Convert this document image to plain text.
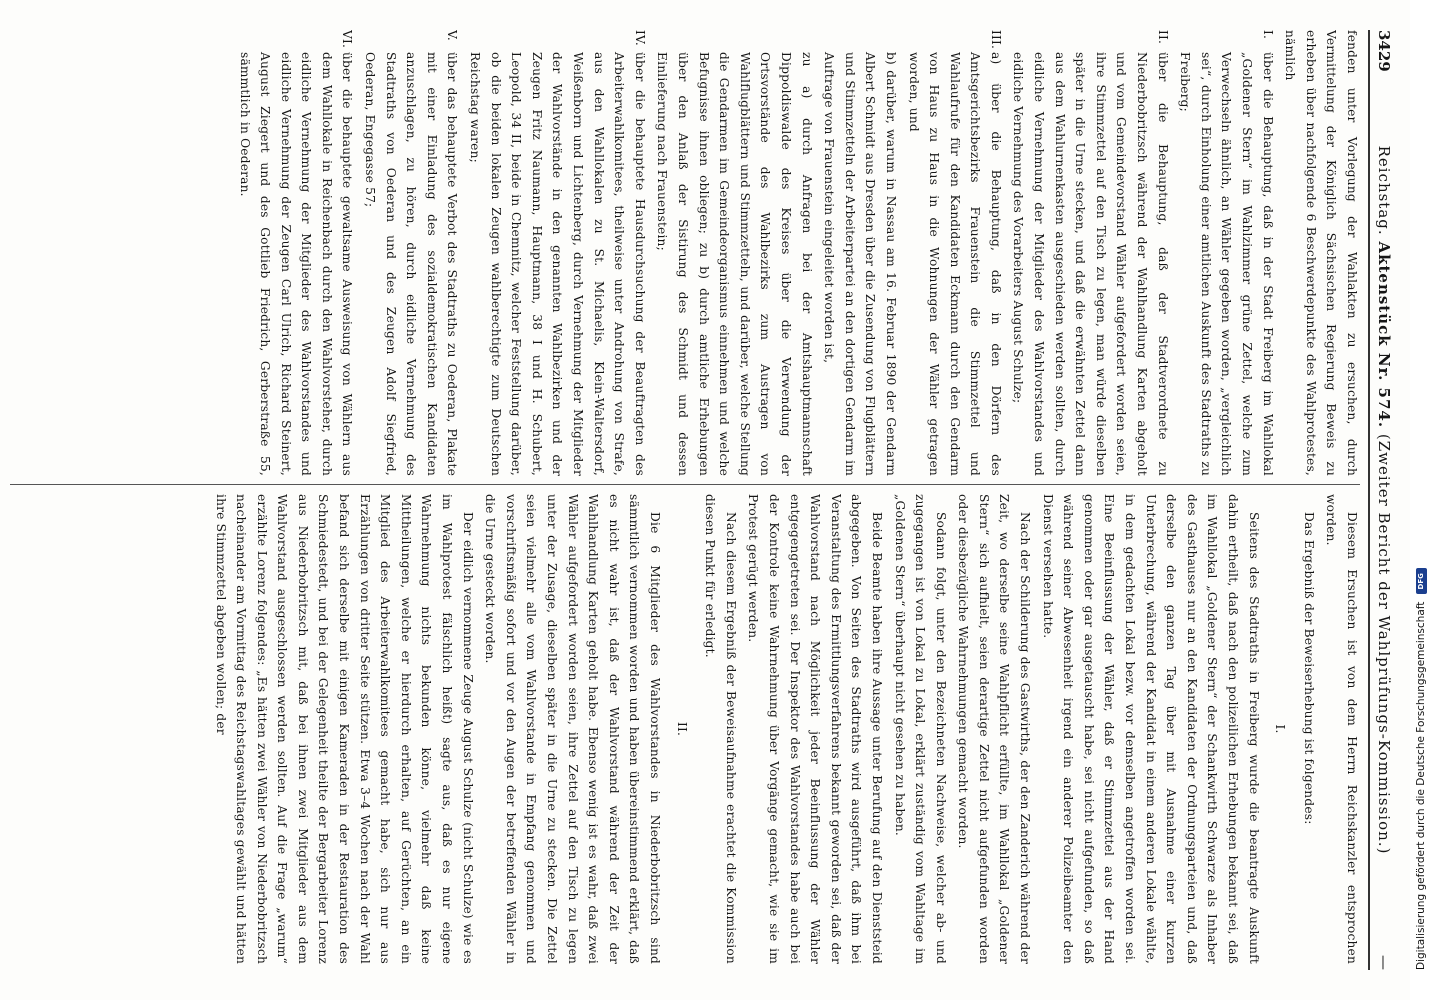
Reichstag. Aktenstück Nr. 574. (Zweiter Bericht der Wahlprüfungs-Kommission.)
3429
—

fenden unter Vorlegung der Wahlakten zu ersuchen, durch Vermittelung der Königlich Sächsischen Regierung Beweis zu erheben über nachfolgende 6 Beschwerdepunkte des Wahlprotestes, nämlich

I.
über die Behauptung, daß in der Stadt Freiberg im Wahllokal „Goldener Stern“ im Wahlzimmer grüne Zettel, welche zum Verwechseln ähnlich, an Wähler gegeben worden, „vergleichlich sei“, durch Einholung einer amtlichen Auskunft des Stadtraths zu Freiberg;

II.
über die Behauptung, daß der Stadtverordnete zu Niederbobritzsch während der Wahlhandlung Karten abgeholt und vom Gemeindevorstand Wähler aufgefordert worden seien, ihre Stimmzettel auf den Tisch zu legen, man würde dieselben später in die Urne stecken, und daß die erwähnten Zettel dann aus dem Wahlurnenkasten ausgeschieden werden sollten, durch eidliche Vernehmung der Mitglieder des Wahlvorstandes und eidliche Vernehmung des Vorarbeiters August Schulze;

III.
a) über die Behauptung, daß in den Dörfern des Amtsgerichtsbezirks Frauenstein die Stimmzettel und Wahlaufrufe für den Kandidaten Eckmann durch den Gendarm von Haus zu Haus in die Wohnungen der Wähler getragen worden, und

b) darüber, warum in Nassau am 16. Februar 1890 der Gendarm Albert Schmidt aus Dresden über die Zusendung von Flugblättern und Stimmzetteln der Arbeiterpartei an den dortigen Gendarm im Auftrage von Frauenstein eingeleitet worden ist,

zu a) durch Anfragen bei der Amtshauptmannschaft Dippoldiswalde des Kreises über die Verwendung der Ortsvorstände des Wahlbezirks zum Austragen von Wahlflugblättern und Stimmzetteln, und darüber, welche Stellung die Gendarmen im Gemeindeorganismus einnehmen und welche Befugnisse ihnen obliegen; zu b) durch amtliche Erhebungen über den Anlaß der Sistirung des Schmidt und dessen Einlieferung nach Frauenstein;

IV.
über die behauptete Hausdurchsuchung der Beauftragten des Arbeiterwahlkomitees, theilweise unter Androhung von Strafe, aus den Wahllokalen zu St. Michaelis, Klein-Waltersdorf, Weißenborn und Lichtenberg, durch Vernehmung der Mitglieder der Wahlvorstände in den genannten Wahlbezirken und der Zeugen Fritz Naumann, Hauptmann, 38 I und H. Schubert, Leopold, 34 II, beide in Chemnitz, welcher Feststellung darüber, ob die beiden lokalen Zeugen wahlberechtigte zum Deutschen Reichstag waren;

V.
über das behauptete Verbot des Stadtraths zu Oederan, Plakate mit einer Einladung des sozialdemokratischen Kandidaten anzuschlagen, zu hören, durch eidliche Vernehmung des Stadtraths von Oederan und des Zeugen Adolf Siegfried, Oederan, Engegasse 57;

VI.
über die behauptete gewaltsame Ausweisung von Wählern aus dem Wahllokale in Reichenbach durch den Wahlvorsteher, durch eidliche Vernehmung der Mitglieder des Wahlvorstandes und eidliche Vernehmung der Zeugen Carl Ulrich, Richard Steinert, August Ziegert und des Gottlieb Friedrich, Gerberstraße 55, sämmtlich in Oederan.

Diesem Ersuchen ist von dem Herrn Reichskanzler entsprochen worden.

Das Ergebniß der Beweiserhebung ist folgendes:

I.

Seitens des Stadtraths in Freiberg wurde die beantragte Auskunft dahin ertheilt, daß nach den polizeilichen Erhebungen bekannt sei, daß im Wahllokal „Goldener Stern“ der Schankwirth Schwarze als Inhaber des Gasthauses nur an den Kandidaten der Ordnungsparteien und, daß derselbe den ganzen Tag über mit Ausnahme einer kurzen Unterbrechung, während der Kandidat in einem anderen Lokale wählte, in dem gedachten Lokal bezw. vor demselben angetroffen worden sei. Eine Beeinflussung der Wähler, daß er Stimmzettel aus der Hand genommen oder gar ausgetauscht habe, sei nicht aufgefunden, so daß während seiner Abwesenheit irgend ein anderer Polizeibeamter den Dienst versehen hatte.

Nach der Schilderung des Gastwirths, der den Zanderich während der Zeit, wo derselbe seine Wahlpflicht erfüllte, im Wahllokal „Goldener Stern“ sich aufhielt, seien derartige Zettel nicht aufgefunden worden oder diesbezügliche Wahrnehmungen gemacht worden.

Sodann folgt, unter den Bezeichneten Nachweise, welcher ab- und zugegangen ist von Lokal zu Lokal, erklärt zuständig vom Wahltage im „Goldenen Stern“ überhaupt nicht gesehen zu haben.

Beide Beamte haben ihre Aussage unter Berufung auf den Dienststeid abgegeben. Von Seiten des Stadtraths wird ausgeführt, daß ihm bei Veranstaltung des Ermittlungsverfahrens bekannt geworden sei, daß der Wahlvorstand nach Möglichkeit jeder Beeinflussung der Wähler entgegengetreten sei. Der Inspektor des Wahlvorstandes habe auch bei der Kontrole keine Wahrnehmung über Vorgänge gemacht, wie sie im Protest gerügt werden.

Nach diesem Ergebniß der Beweisaufnahme erachtet die Kommission diesen Punkt für erledigt.

II.

Die 6 Mitglieder des Wahlvorstandes in Niederbobritzsch sind sämmtlich vernommen worden und haben übereinstimmend erklärt, daß es nicht wahr ist, daß der Wahlvorstand während der Zeit der Wahlhandlung Karten geholt habe. Ebenso wenig ist es wahr, daß zwei Wähler aufgefordert worden seien, ihre Zettel auf den Tisch zu legen unter der Zusage, dieselben später in die Urne zu stecken. Die Zettel seien vielmehr alle vom Wahlvorstande in Empfang genommen und vorschriftsmäßig sofort und vor den Augen der betreffenden Wähler in die Urne gesteckt worden.

Der eidlich vernommene Zeuge August Schulze (nicht Schulze) wie es im Wahlprotest fälschlich heißt) sagte aus, daß es nur eigene Wahrnehmung nichts bekunden könne, vielmehr daß keine Mittheilungen, welche er hierdurch erhalten, auf Gerüchten, an ein Mitglied des Arbeiterwahlkomitees gemacht habe, sich nur aus Erzählungen von dritter Seite stützen. Etwa 3–4 Wochen nach der Wahl befand sich derselbe mit einigen Kameraden in der Restauration des Schmiedestedt, und bei der Gelegenheit theilte der Bergarbeiter Lorenz aus Niederbobritzsch mit, daß bei ihnen zwei Mitglieder aus dem Wahlvorstand ausgeschlossen werden sollten. Auf die Frage „warum“ erzählte Lorenz folgendes: „Es hätten zwei Wähler von Niederbobritzsch nacheinander am Vormittag des Reichstagswahltages gewählt und hätten ihre Stimmzettel abgeben wollen; der	Digitalisierung gefördert durch die Deutsche Forschungsgemeinschaft DFG
